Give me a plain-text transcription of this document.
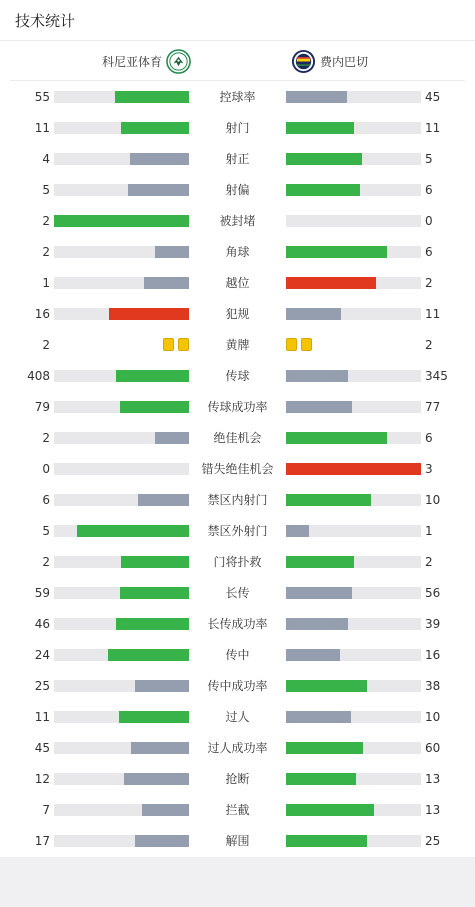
技术统计
科尼亚体育	费内巴切
55	控球率	45
11	射门	11
4	射正	5
5	射偏	6
2	被封堵	0
2	角球	6
1	越位	2
16	犯规	11
2	黄牌	2
408	传球	345
79	传球成功率	77
2	绝佳机会	6
0	错失绝佳机会	3
6	禁区内射门	10
5	禁区外射门	1
2	门将扑救	2
59	长传	56
46	长传成功率	39
24	传中	16
25	传中成功率	38
11	过人	10
45	过人成功率	60
12	抢断	13
7	拦截	13
17	解围	25
